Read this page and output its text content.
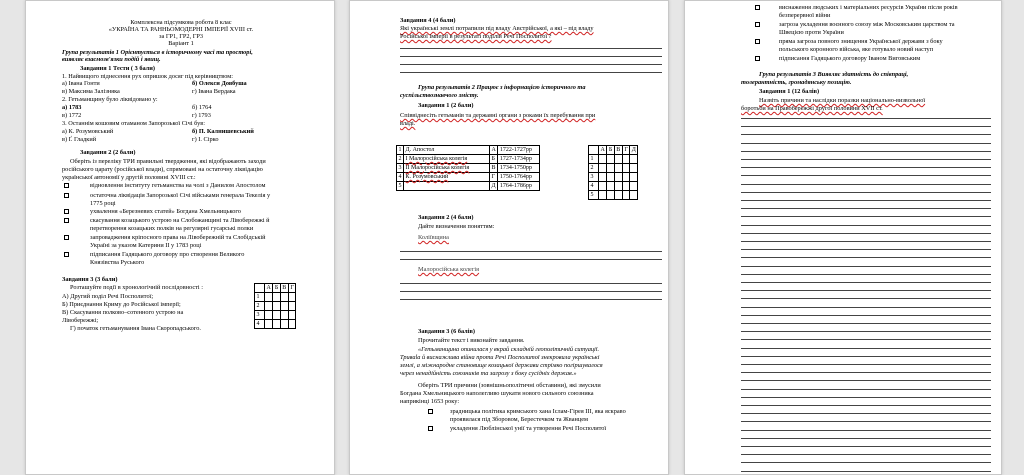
Комплексна підсумкова робота 8 клас
«УКРАЇНА ТА РАННЬОМОДЕРНІ ІМПЕРІЇ XVIII ст.
за ГР1, ГР2, ГР3
Варіант 1
Група результатів 1 Орієнтується в історичному часі та просторі,
виявляє взаємозв'язки подій і явищ.
Завдання 1 Тести ( 3 бали)
1. Найвищого піднесення рух опришок досяг під керівництвом:
а) Івана Гонти	б) Олекси Довбуша
в) Максима Залізняка	г) Івана Вердака
2. Гетьманщину було ліквідовано у:
а) 1783	б) 1764
в) 1772	г) 1793
3. Останнім кошовим отаманом Запорозької Січі був:
а) К. Розумовський	б) П. Калнишевський
в) Ґ. Гладкий	г) І. Сірко
Завдання 2 (2 бали)
Оберіть із переліку ТРИ правильні твердження, які відображають заходи
російського царату (російської влади), спрямовані на остаточну ліквідацію
української автономії у другій половині XVIII ст.:
відновлення інституту гетьманства на чолі з Данилом Апостолом
остаточна ліквідація Запорозької Січі військами генерала Текелія у
1775 році
ухвалення «Березневих статей» Богдана Хмельницького
скасування козацького устрою на Слобожанщині та Лівобережжі й
перетворення козацьких полків на регулярні гусарські полки
запровадження кріпосного права на Лівобережній та Слобідській
Україні за указом Катерини ІІ у 1783 році
підписання Гадяцького договору про створення Великого
Князівства Руського
Завдання 3 (3 бали)
Розташуйте події в хронологічній послідовності :
А) Другий поділ Речі Посполитої;
Б) Приєднання Криму до Російської імперії;
В) Скасування полково–сотенного устрою на
Лівобережжі;
Г) початок гетьманування Івана Скоропадського.
	А	Б	В	Г
1				
2				
3				
4				
Завдання 4 (4 бали)
Які українські землі потрапили під владу Австрійської, а які – під владу
Російської імперії в результаті поділів Речі Посполитої ?
Група результатів 2 Працює з інформацією історичного та
суспільствознавчого змісту.
Завдання 1 (2 бали)
Співвіднесіть гетьманів та державні органи з роками їх перебування при
владі.
1	Д. Апостол	А	1722-1727рр
2	І Малоросійська колегія	Б	1727-1734рр
3	ІІ Малоросійська колегія	В	1734-1750рр
4	К. Розумовський	Г	1750-1764рр
5		Д	1764-1786рр
	А	Б	В	Г	Д
1					
2					
3					
4					
5					
Завдання 2 (4 бали)
Дайте визначення поняттям:
Коліївщина
Малоросійська колегія
Завдання 3 (6 балів)
Прочитайте текст і виконайте завдання.
«Гетьманщина опинилася у вкрай складній геополітичній ситуації.
Триваla й виснажлива війна проти Речі Посполитої знекровила українські
землі, а міжнародне становище козацької держави стрімко погіршувалося
через ненадійність союзників та загрозу з боку сусідніх держав.»
Оберіть ТРИ причини (зовнішньополітичні обставини), які змусили
Богдана Хмельницького наполегливо шукати нового сильного союзника
наприкінці 1653 року:
зрадницька політика кримського хана Іслам-Гірея ІІІ, яка яскраво
проявилася під Зборовом, Берестечком та Жванцем
укладення Люблінської унії та утворення Речі Посполитої
виснаження людських і матеріальних ресурсів України після років
безперервної війни
загроза укладення воєнного союзу між Московським царством та
Швецією проти України
пряма загроза повного знищення Української держави з боку
польського коронного війська, яке готувало новий наступ
підписання Гадяцького договору Іваном Виговським
Група результатів 3 Виявляє здатність до співпраці,
толерантність, громадянську позицію.
Завдання 1 (12 балів)
Назвіть причини та наслідки поразки національно-визвольної
боротьби на Правобережжі другої половини XVII ст.
